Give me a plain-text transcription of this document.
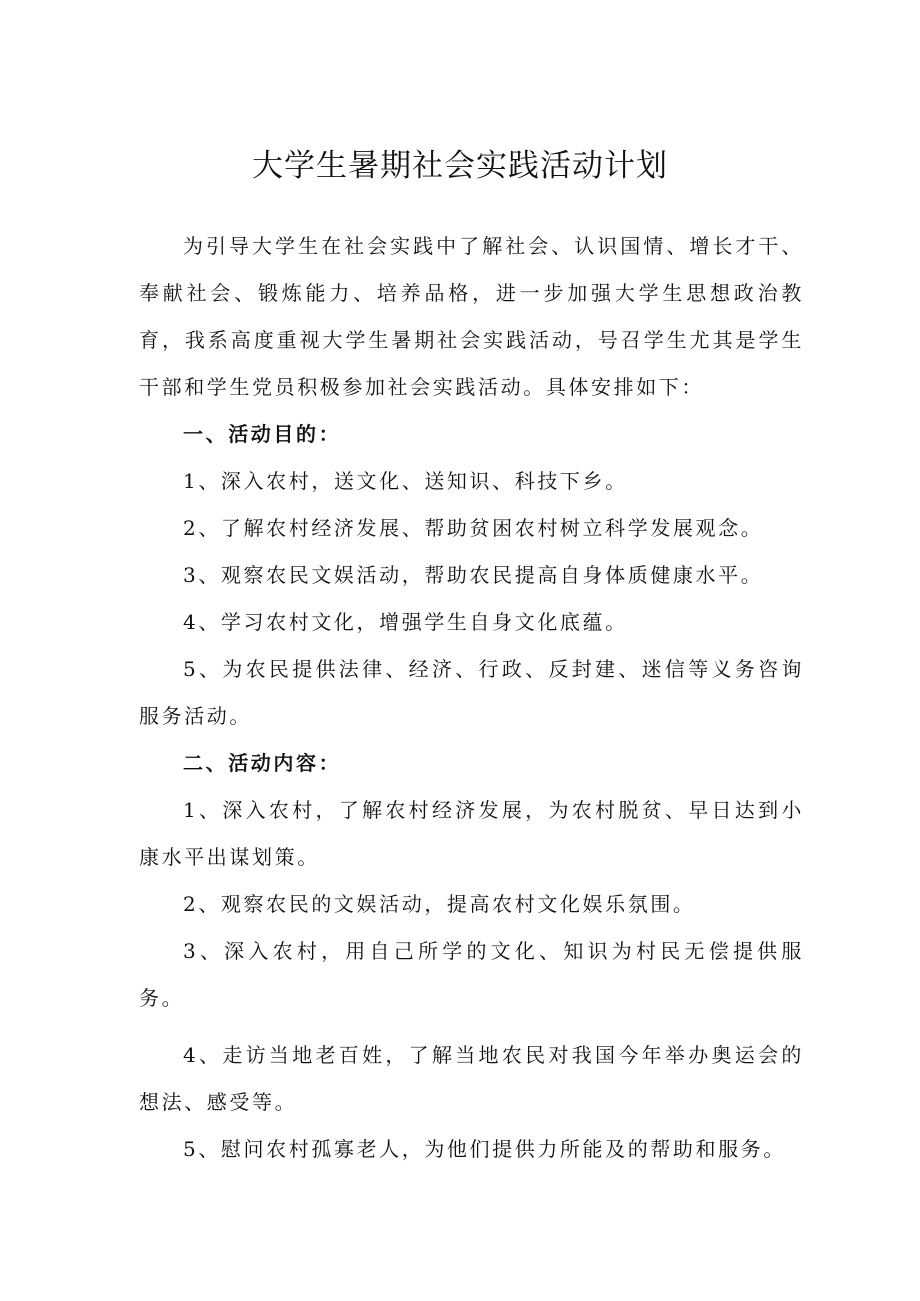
大学生暑期社会实践活动计划

为引导大学生在社会实践中了解社会、认识国情、增长才干、奉献社会、锻炼能力、培养品格，进一步加强大学生思想政治教育，我系高度重视大学生暑期社会实践活动，号召学生尤其是学生干部和学生党员积极参加社会实践活动。具体安排如下：

一、活动目的：

1、深入农村，送文化、送知识、科技下乡。

2、了解农村经济发展、帮助贫困农村树立科学发展观念。

3、观察农民文娱活动，帮助农民提高自身体质健康水平。

4、学习农村文化，增强学生自身文化底蕴。

5、为农民提供法律、经济、行政、反封建、迷信等义务咨询服务活动。

二、活动内容：

1、深入农村，了解农村经济发展，为农村脱贫、早日达到小康水平出谋划策。

2、观察农民的文娱活动，提高农村文化娱乐氛围。

3、深入农村，用自己所学的文化、知识为村民无偿提供服务。

4、走访当地老百姓，了解当地农民对我国今年举办奥运会的想法、感受等。

5、慰问农村孤寡老人，为他们提供力所能及的帮助和服务。
